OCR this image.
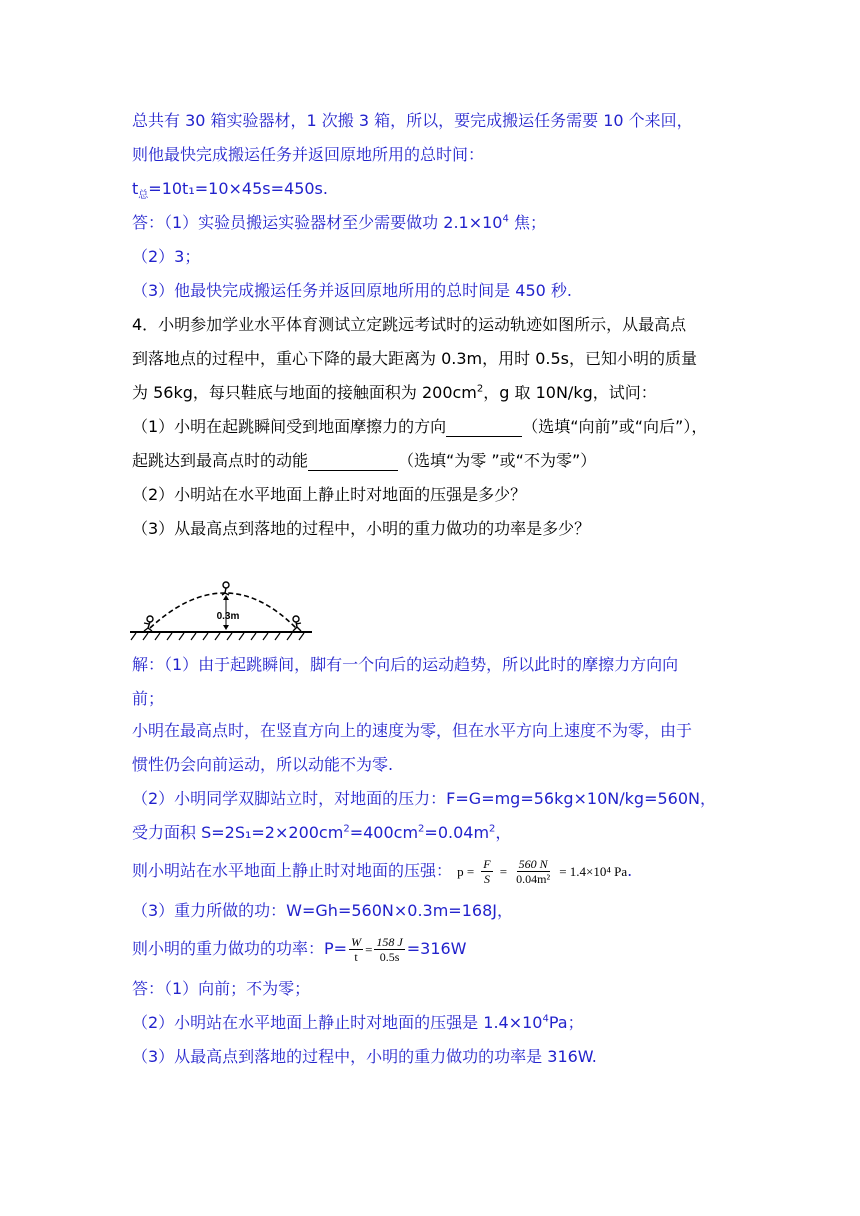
总共有 30 箱实验器材，1 次搬 3 箱，所以，要完成搬运任务需要 10 个来回，
则他最快完成搬运任务并返回原地所用的总时间：
$t_总=10t_1=10\times 45s=450s$.
答：（1）实验员搬运实验器材至少需要做功 $2.1\times 10^4$ 焦；
（2）3；
（3）他最快完成搬运任务并返回原地所用的总时间是 450 秒.
4．小明参加学业水平体育测试立定跳远考试时的运动轨迹如图所示，从最高点
到落地点的过程中，重心下降的最大距离为 0.3m，用时 0.5s，已知小明的质量
为 56kg，每只鞋底与地面的接触面积为 $200cm^2$，g 取 10N/kg，试问：
（1）小明在起跳瞬间受到地面摩擦力的方向	（选填“向前”或“向后”），
起跳达到最高点时的动能	（选填“为零 ”或“不为零”）
（2）小明站在水平地面上静止时对地面的压强是多少？
（3）从最高点到落地的过程中，小明的重力做功的功率是多少？
0.3m
解：（1）由于起跳瞬间，脚有一个向后的运动趋势，所以此时的摩擦力方向向
前；
小明在最高点时，在竖直方向上的速度为零，但在水平方向上速度不为零，由于
惯性仍会向前运动，所以动能不为零.
（2）小明同学双脚站立时，对地面的压力：F=G=mg=56kg×10N/kg=560N，
受力面积 $S=2S_1=2\times 200cm^2=400cm^2=0.04m^2$，
则小明站在水平地面上静止时对地面的压强： $p = \frac{F}{S} = \frac{560 N}{\text{0.04m²}} = 1.4\times 10^4$ Pa.
（3）重力所做的功：W=Gh=560N×0.3m=168J，
则小明的重力做功的功率：$P= \frac{W}{t} = \frac{158 J}{0.5s} =316W$
答：（1）向前；不为零；
（2）小明站在水平地面上静止时对地面的压强是 $1.4\times 10^4Pa$；
（3）从最高点到落地的过程中，小明的重力做功的功率是 316W.
